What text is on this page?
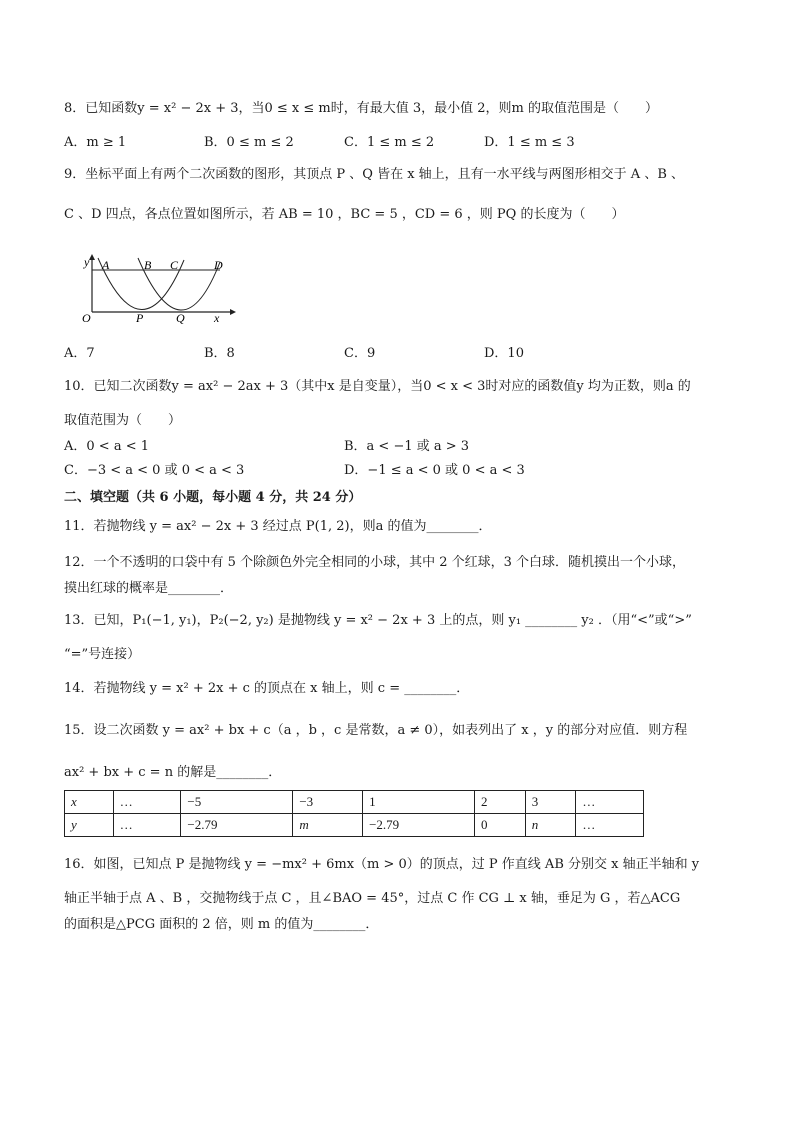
8．已知函数y = x² − 2x + 3，当0 ≤ x ≤ m时，有最大值 3，最小值 2，则m 的取值范围是（　　）
A．m ≥ 1	B．0 ≤ m ≤ 2	C．1 ≤ m ≤ 2	D．1 ≤ m ≤ 3
9．坐标平面上有两个二次函数的图形，其顶点 P 、Q 皆在 x 轴上，且有一水平线与两图形相交于 A 、B 、
C 、D 四点，各点位置如图所示，若 AB = 10 ，BC = 5 ，CD = 6 ，则 PQ 的长度为（　　）
y A	B C	D
O	P	Q x
A．7	B．8	C．9	D．10
10．已知二次函数y = ax² − 2ax + 3（其中x 是自变量），当0 < x < 3时对应的函数值y 均为正数，则a 的
取值范围为（　　）
A．0 < a < 1	B．a < −1 或 a > 3
C．−3 < a < 0 或 0 < a < 3	D．−1 ≤ a < 0 或 0 < a < 3
二、填空题（共 6 小题，每小题 4 分，共 24 分）
11．若抛物线 y = ax² − 2x + 3 经过点 P(1, 2)，则a 的值为________．
12．一个不透明的口袋中有 5 个除颜色外完全相同的小球，其中 2 个红球，3 个白球．随机摸出一个小球，
摸出红球的概率是________．
13．已知，P₁(−1, y₁)，P₂(−2, y₂) 是抛物线 y = x² − 2x + 3 上的点，则 y₁ ________ y₂ ．（用“<”或“>”
“=”号连接）
14．若抛物线 y = x² + 2x + c 的顶点在 x 轴上，则 c = ________．
15．设二次函数 y = ax² + bx + c（a ，b ，c 是常数，a ≠ 0），如表列出了 x ，y 的部分对应值．则方程
ax² + bx + c = n 的解是________．
x	…	−5	−3	1	2	3	…
y	…	−2.79	m	−2.79	0	n	…
16．如图，已知点 P 是抛物线 y = −mx² + 6mx（m > 0）的顶点，过 P 作直线 AB 分别交 x 轴正半轴和 y
轴正半轴于点 A 、B ，交抛物线于点 C ，且∠BAO = 45°，过点 C 作 CG ⊥ x 轴，垂足为 G ，若△ACG
的面积是△PCG 面积的 2 倍，则 m 的值为________．
